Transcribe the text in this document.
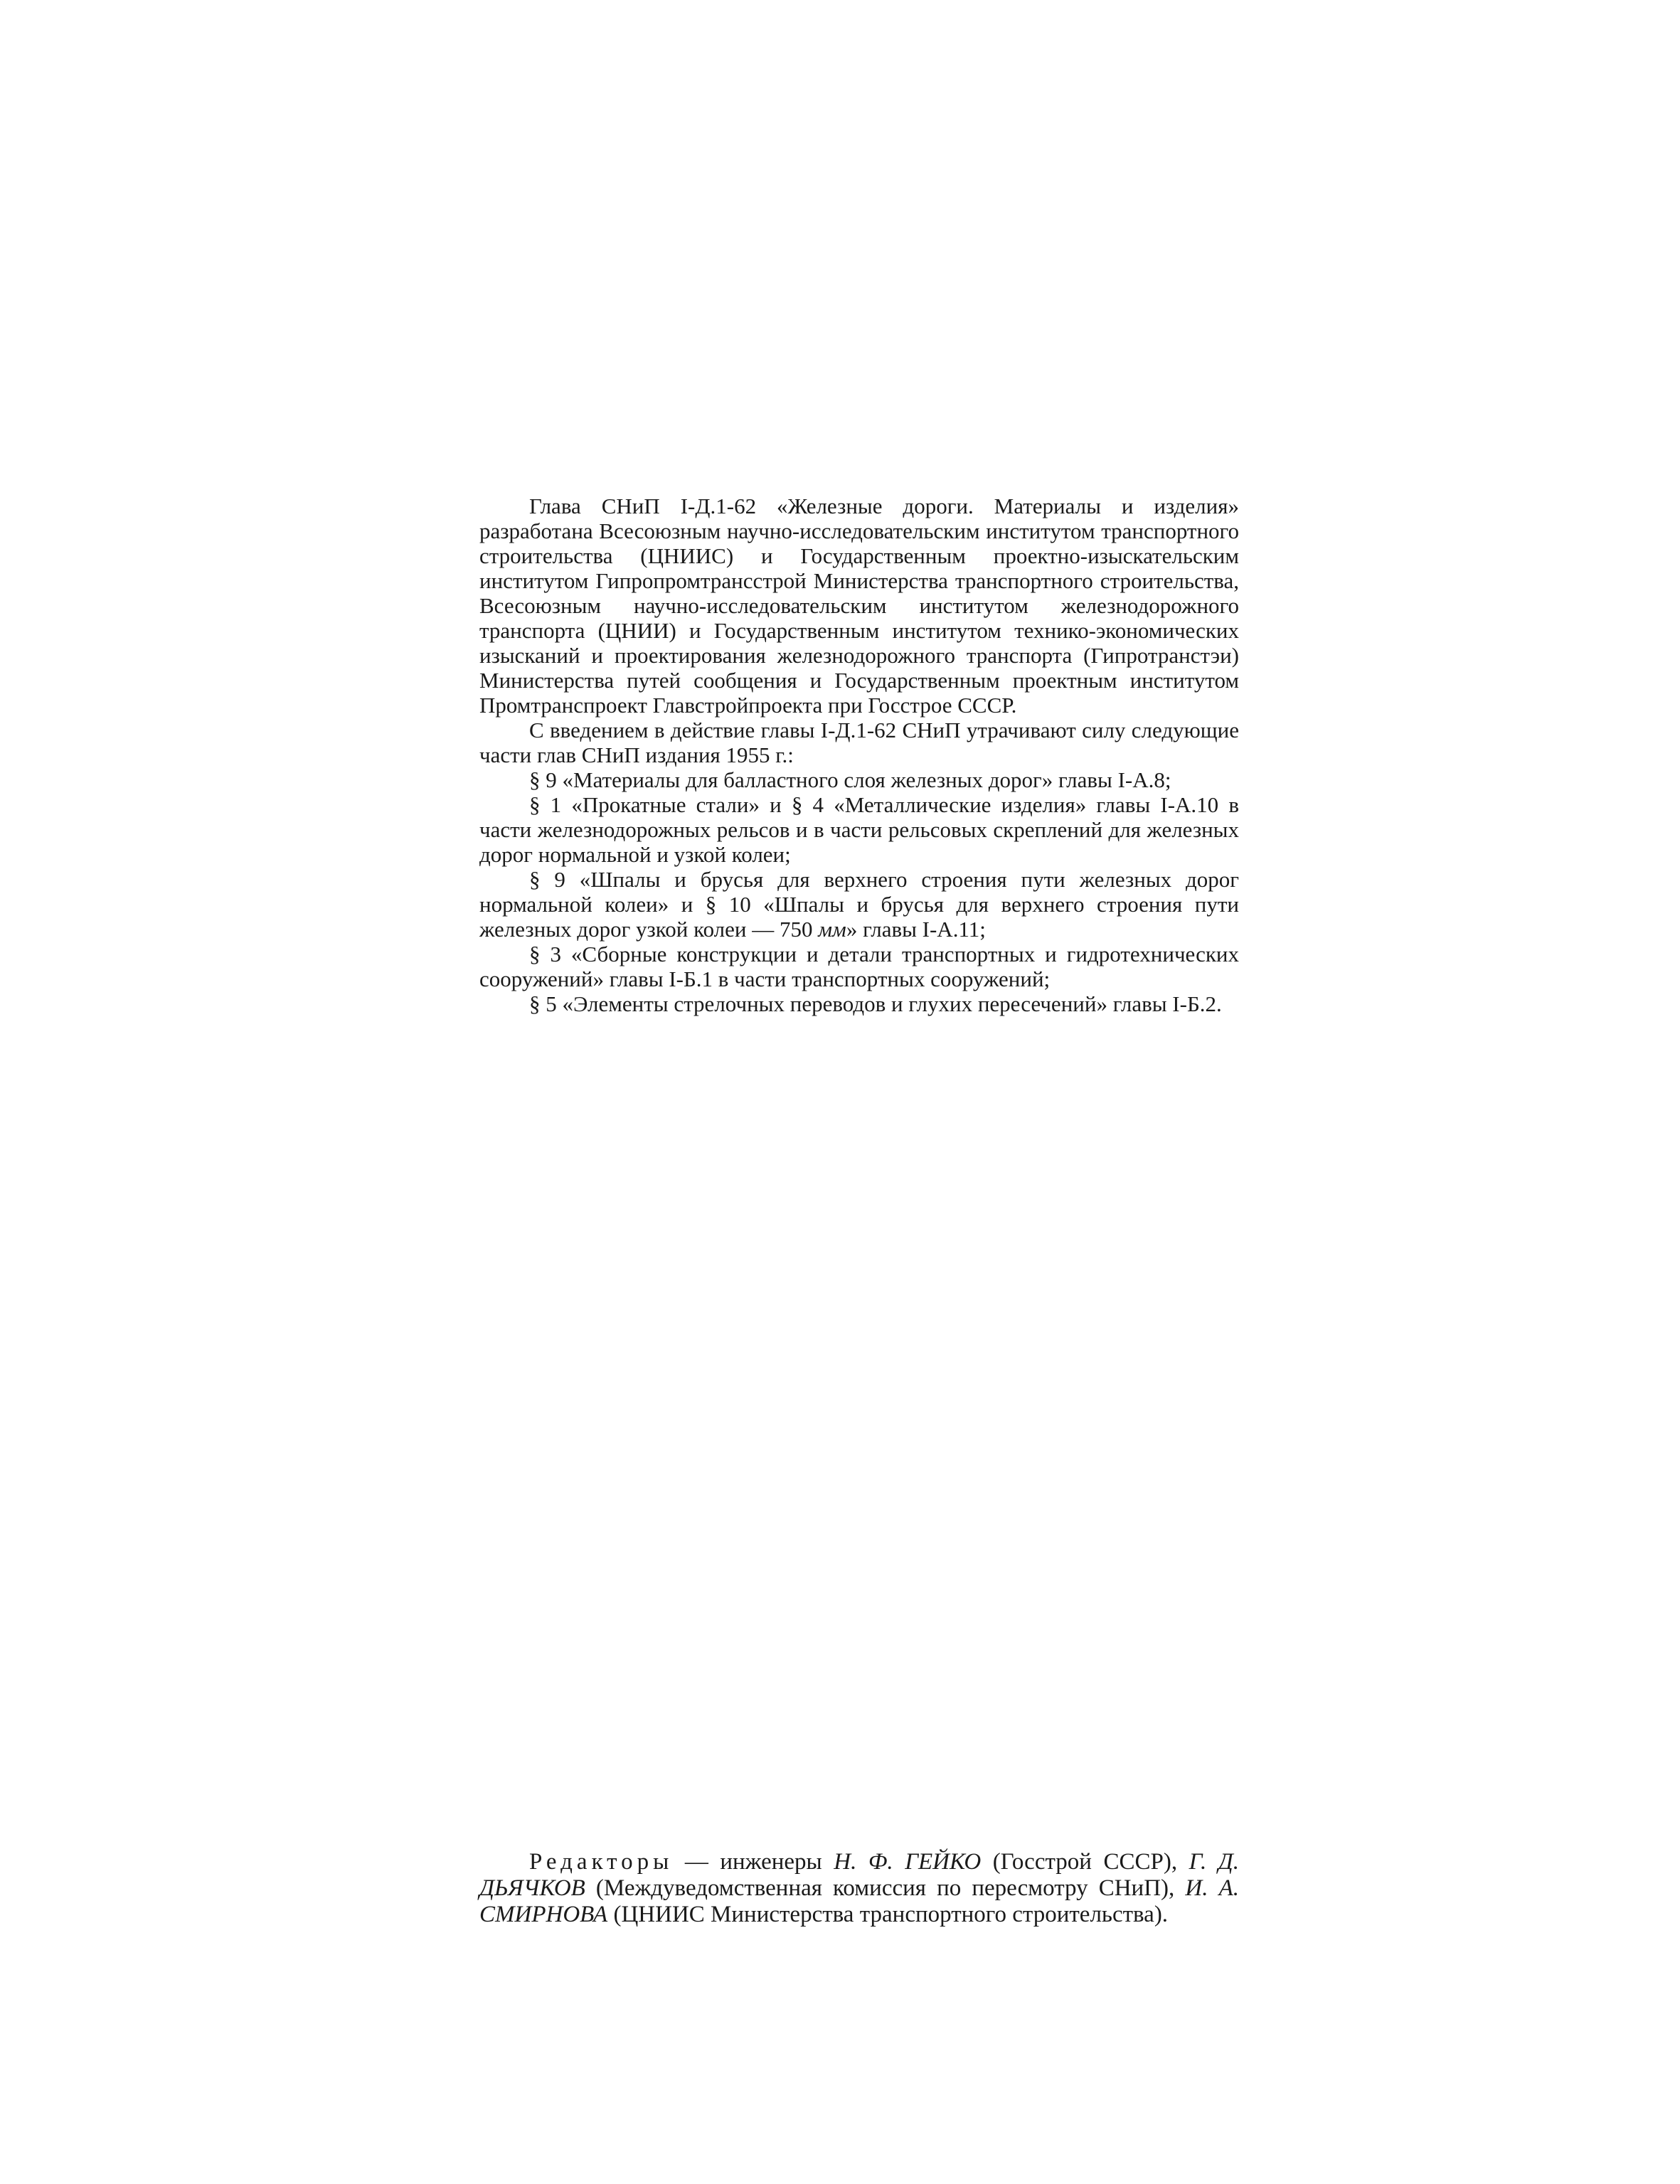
Глава СНиП I-Д.1-62 «Железные дороги. Материалы и изделия» разработана Всесоюзным научно-исследовательским институтом транспортного строительства (ЦНИИС) и Государственным проектно-изыскательским институтом Гипропромтрансстрой Министерства транспортного строительства, Всесоюзным научно-исследовательским институтом железнодорожного транспорта (ЦНИИ) и Государственным институтом технико-экономических изысканий и проектирования железнодорожного транспорта (Гипротранстэи) Министерства путей сообщения и Государственным проектным институтом Промтранспроект Главстройпроекта при Госстрое СССР.

С введением в действие главы I-Д.1-62 СНиП утрачивают силу следующие части глав СНиП издания 1955 г.:

§ 9 «Материалы для балластного слоя железных дорог» главы I-A.8;

§ 1 «Прокатные стали» и § 4 «Металлические изделия» главы I-A.10 в части железнодорожных рельсов и в части рельсовых скреплений для железных дорог нормальной и узкой колеи;

§ 9 «Шпалы и брусья для верхнего строения пути железных дорог нормальной колеи» и § 10 «Шпалы и брусья для верхнего строения пути железных дорог узкой колеи — 750 мм» главы I-A.11;

§ 3 «Сборные конструкции и детали транспортных и гидротехнических сооружений» главы I-Б.1 в части транспортных сооружений;

§ 5 «Элементы стрелочных переводов и глухих пересечений» главы I-Б.2.

Редакторы — инженеры Н. Ф. ГЕЙКО (Госстрой СССР), Г. Д. ДЬЯЧКОВ (Междуведомственная комиссия по пересмотру СНиП), И. А. СМИРНОВА (ЦНИИС Министерства транспортного строительства).
